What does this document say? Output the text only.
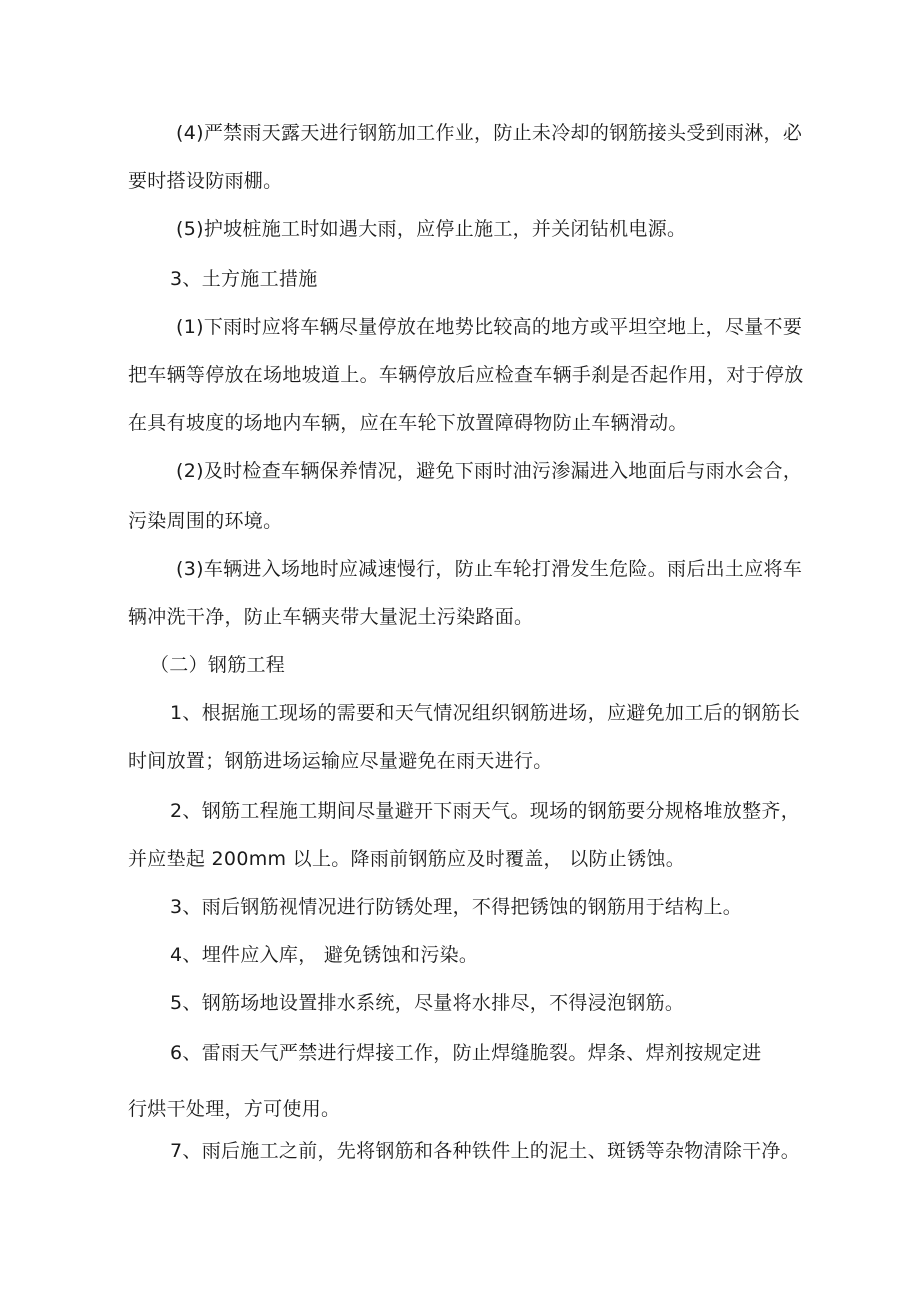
(4)严禁雨天露天进行钢筋加工作业，防止未冷却的钢筋接头受到雨淋，必
要时搭设防雨棚。
(5)护坡桩施工时如遇大雨，应停止施工，并关闭钻机电源。
3、土方施工措施
(1)下雨时应将车辆尽量停放在地势比较高的地方或平坦空地上，尽量不要
把车辆等停放在场地坡道上。车辆停放后应检查车辆手刹是否起作用，对于停放
在具有坡度的场地内车辆，应在车轮下放置障碍物防止车辆滑动。
(2)及时检查车辆保养情况，避免下雨时油污渗漏进入地面后与雨水会合，
污染周围的环境。
(3)车辆进入场地时应减速慢行，防止车轮打滑发生危险。雨后出土应将车
辆冲洗干净，防止车辆夹带大量泥土污染路面。
（二）钢筋工程
1、根据施工现场的需要和天气情况组织钢筋进场，应避免加工后的钢筋长
时间放置；钢筋进场运输应尽量避免在雨天进行。
2、钢筋工程施工期间尽量避开下雨天气。现场的钢筋要分规格堆放整齐，
并应垫起 200mm 以上。降雨前钢筋应及时覆盖， 以防止锈蚀。
3、雨后钢筋视情况进行防锈处理，不得把锈蚀的钢筋用于结构上。
4、埋件应入库， 避免锈蚀和污染。
5、钢筋场地设置排水系统，尽量将水排尽，不得浸泡钢筋。
6、雷雨天气严禁进行焊接工作，防止焊缝脆裂。焊条、焊剂按规定进
行烘干处理，方可使用。
7、雨后施工之前，先将钢筋和各种铁件上的泥土、斑锈等杂物清除干净。
